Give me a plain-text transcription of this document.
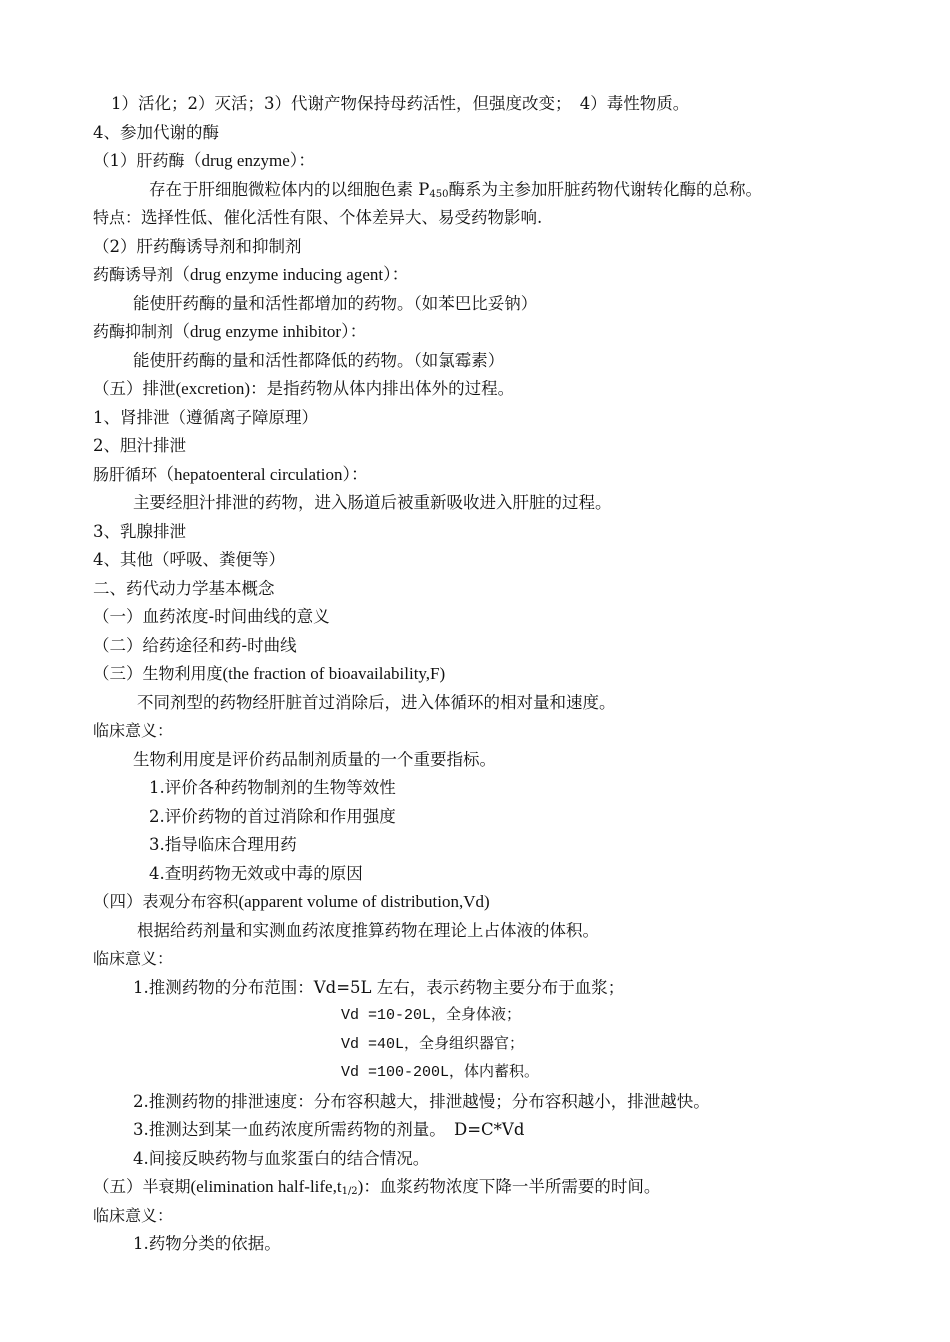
1）活化；2）灭活；3）代谢产物保持母药活性，但强度改变；　4）毒性物质。
4、参加代谢的酶
（1）肝药酶（drug enzyme）：
存在于肝细胞微粒体内的以细胞色素 $P_{450}$酶系为主参加肝脏药物代谢转化酶的总称。
特点：选择性低、催化活性有限、个体差异大、易受药物影响.
（2）肝药酶诱导剂和抑制剂
药酶诱导剂（drug enzyme inducing agent）：
能使肝药酶的量和活性都增加的药物。（如苯巴比妥钠）
药酶抑制剂（drug enzyme inhibitor）：
能使肝药酶的量和活性都降低的药物。（如氯霉素）
（五）排泄(excretion)：是指药物从体内排出体外的过程。
1、肾排泄（遵循离子障原理）
2、胆汁排泄
肠肝循环（hepatoenteral circulation）：
主要经胆汁排泄的药物，进入肠道后被重新吸收进入肝脏的过程。
3、乳腺排泄
4、其他（呼吸、粪便等）
二、药代动力学基本概念
（一）血药浓度-时间曲线的意义
（二）给药途径和药-时曲线
（三）生物利用度(the fraction of bioavailability,F)
不同剂型的药物经肝脏首过消除后，进入体循环的相对量和速度。
临床意义：
生物利用度是评价药品制剂质量的一个重要指标。
1.评价各种药物制剂的生物等效性
2.评价药物的首过消除和作用强度
3.指导临床合理用药
4.查明药物无效或中毒的原因
（四）表观分布容积(apparent volume of distribution,Vd)
根据给药剂量和实测血药浓度推算药物在理论上占体液的体积。
临床意义：
1.推测药物的分布范围：Vd=5L 左右，表示药物主要分布于血浆；
Vd =10-20L，全身体液；
Vd =40L，全身组织器官；
Vd =100-200L，体内蓄积。
2.推测药物的排泄速度：分布容积越大，排泄越慢；分布容积越小，排泄越快。
3.推测达到某一血药浓度所需药物的剂量。　D=C*Vd
4.间接反映药物与血浆蛋白的结合情况。
（五）半衰期(elimination half-$life,t_{1/2}$)：血浆药物浓度下降一半所需要的时间。
临床意义：
1.药物分类的依据。
